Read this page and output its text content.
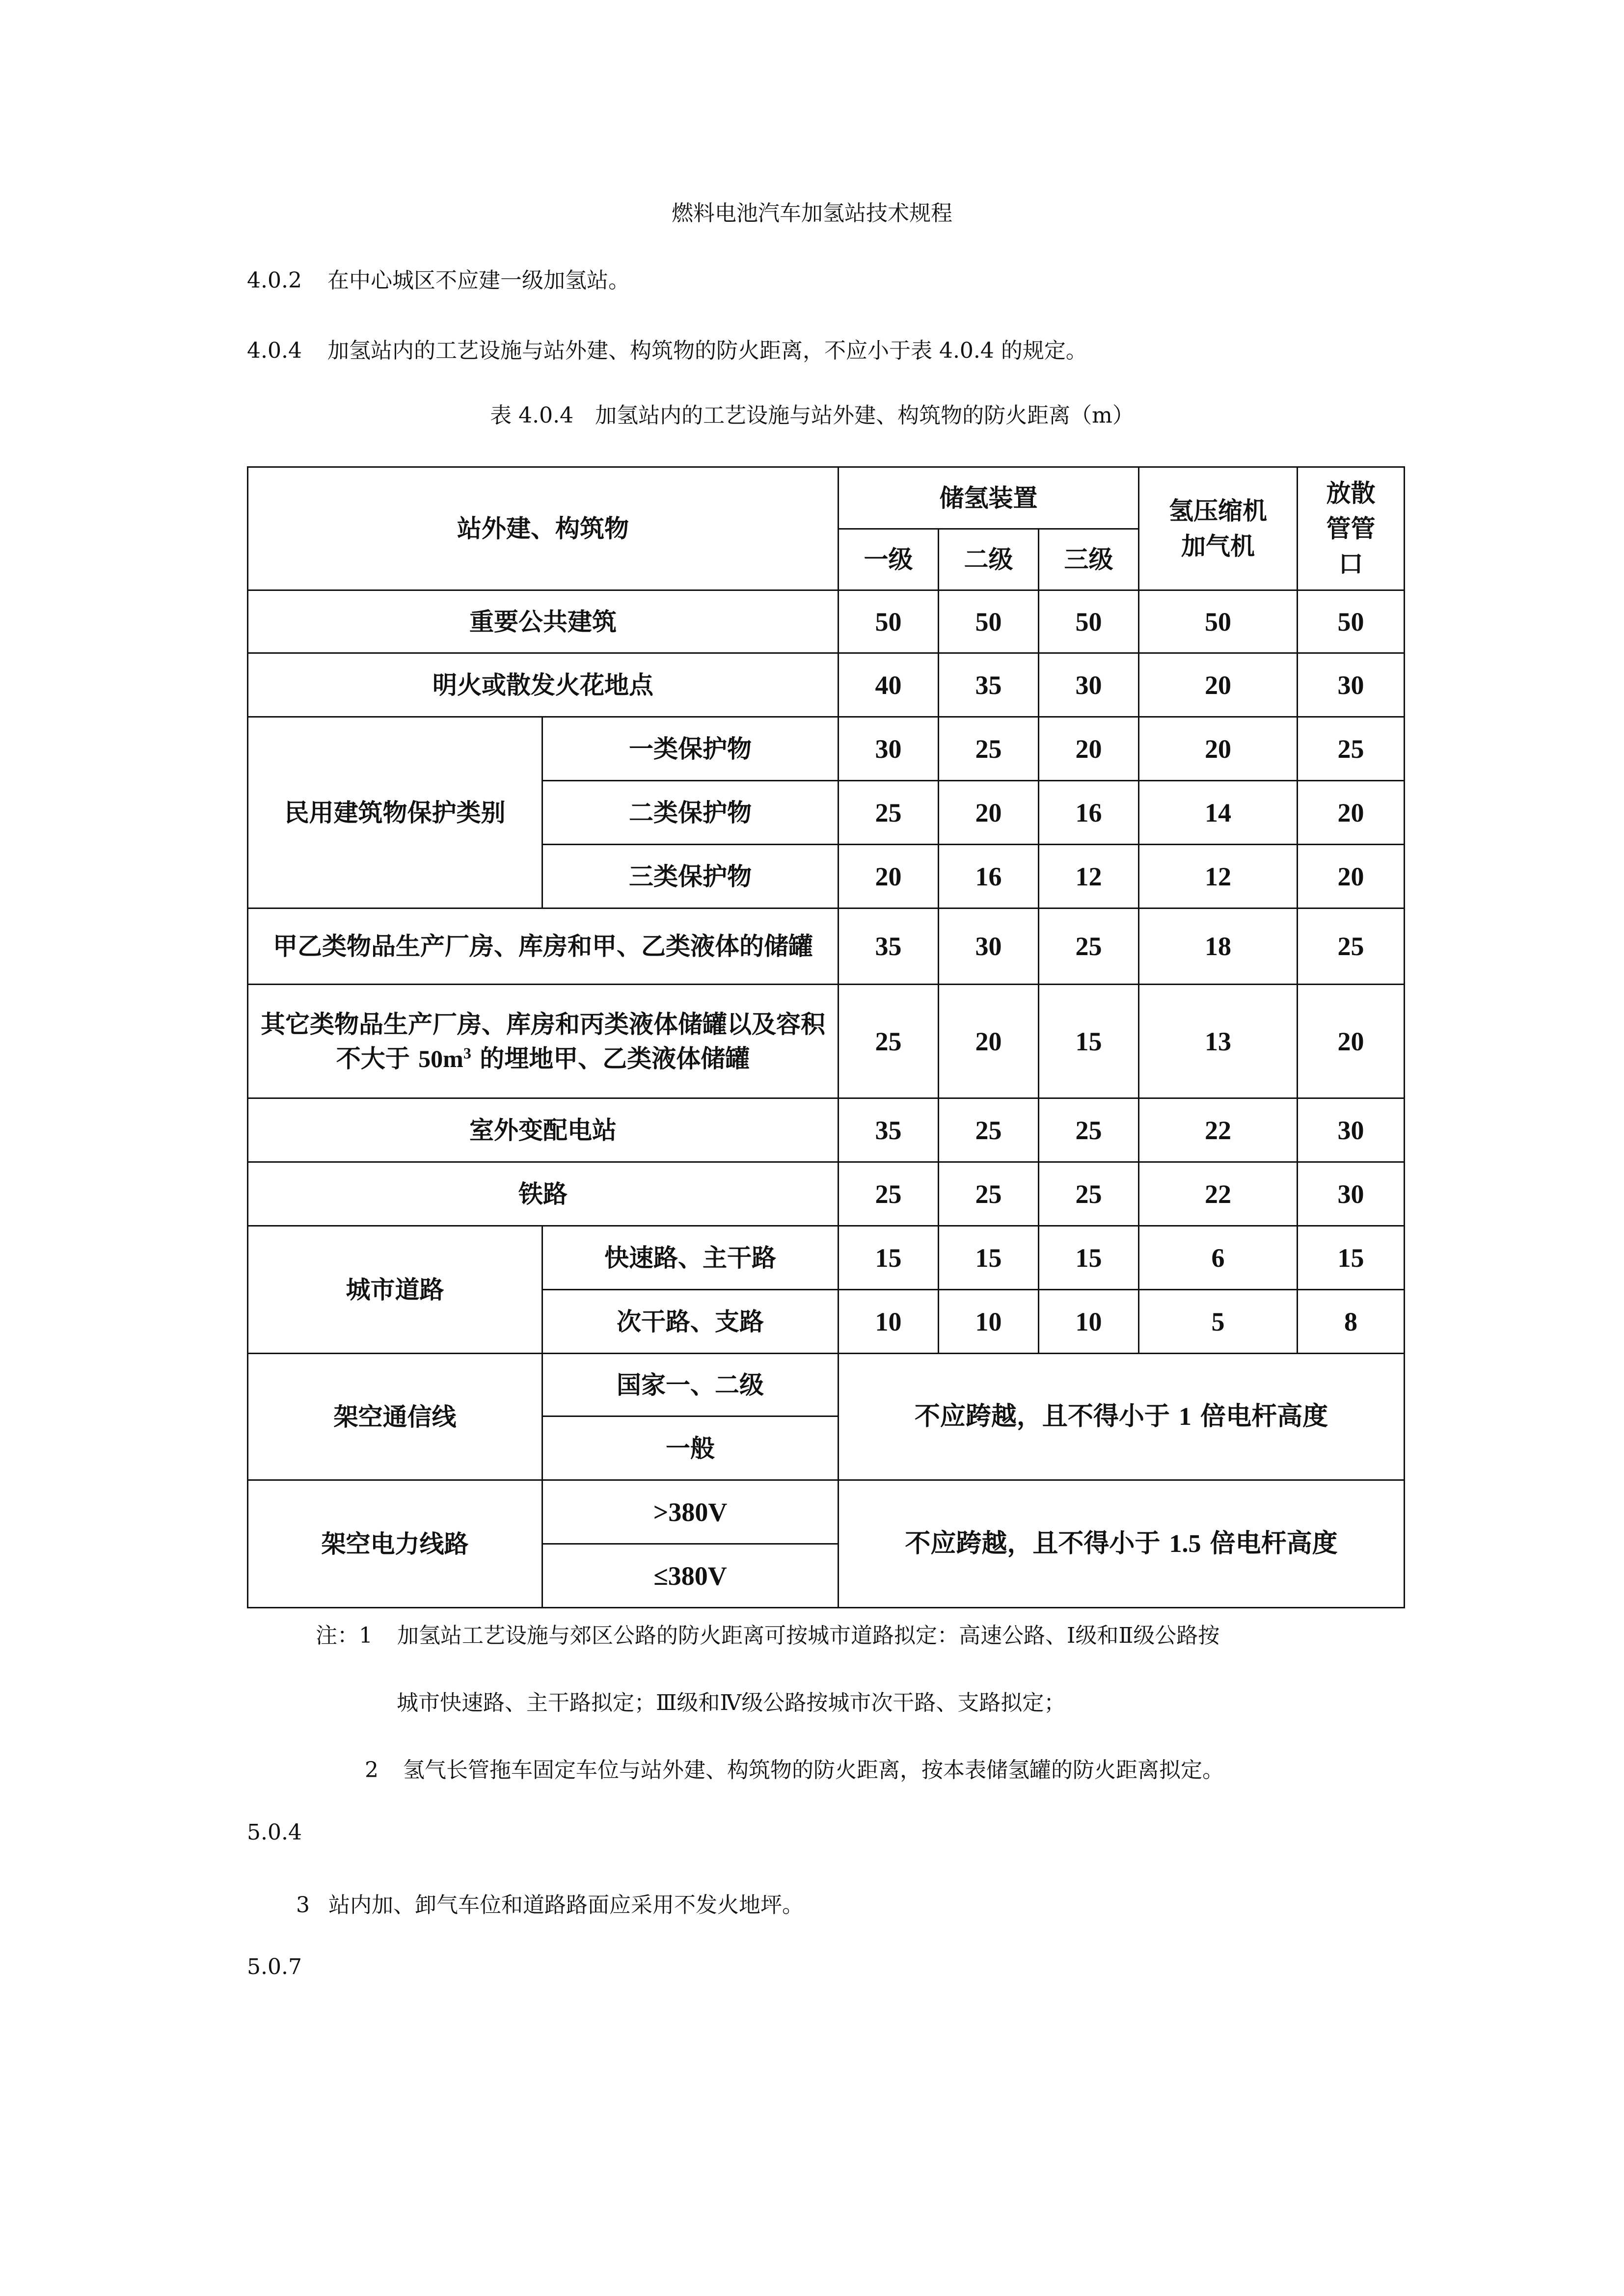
燃料电池汽车加氢站技术规程
4.0.2 在中心城区不应建一级加氢站。
4.0.4 加氢站内的工艺设施与站外建、构筑物的防火距离，不应小于表 4.0.4 的规定。
表 4.0.4　加氢站内的工艺设施与站外建、构筑物的防火距离（m）
站外建、构筑物		储氢装置			氢压缩机加气机	放散管管口
		一级	二级	三级		
重要公共建筑		50	50	50	50	50
明火或散发火花地点		40	35	30	20	30
民用建筑物保护类别	一类保护物	30	25	20	20	25
	二类保护物	25	20	16	14	20
	三类保护物	20	16	12	12	20
甲乙类物品生产厂房、库房和甲、乙类液体的储罐		35	30	25	18	25
其它类物品生产厂房、库房和丙类液体储罐以及容积不大于 $50m^3$ 的埋地甲、乙类液体储罐		25	20	15	13	20
室外变配电站		35	25	25	22	30
铁路		25	25	25	22	30
城市道路	快速路、主干路	15	15	15	6	15
	次干路、支路	10	10	10	5	8
架空通信线	国家一、二级	不应跨越，且不得小于 1 倍电杆高度				
	一般					
架空电力线路	>380V	不应跨越，且不得小于 1.5 倍电杆高度				
	≤380V					
注：1 加氢站工艺设施与郊区公路的防火距离可按城市道路拟定：高速公路、Ⅰ级和Ⅱ级公路按
城市快速路、主干路拟定；Ⅲ级和Ⅳ级公路按城市次干路、支路拟定；
2 氢气长管拖车固定车位与站外建、构筑物的防火距离，按本表储氢罐的防火距离拟定。
5.0.4
3 站内加、卸气车位和道路路面应采用不发火地坪。
5.0.7
